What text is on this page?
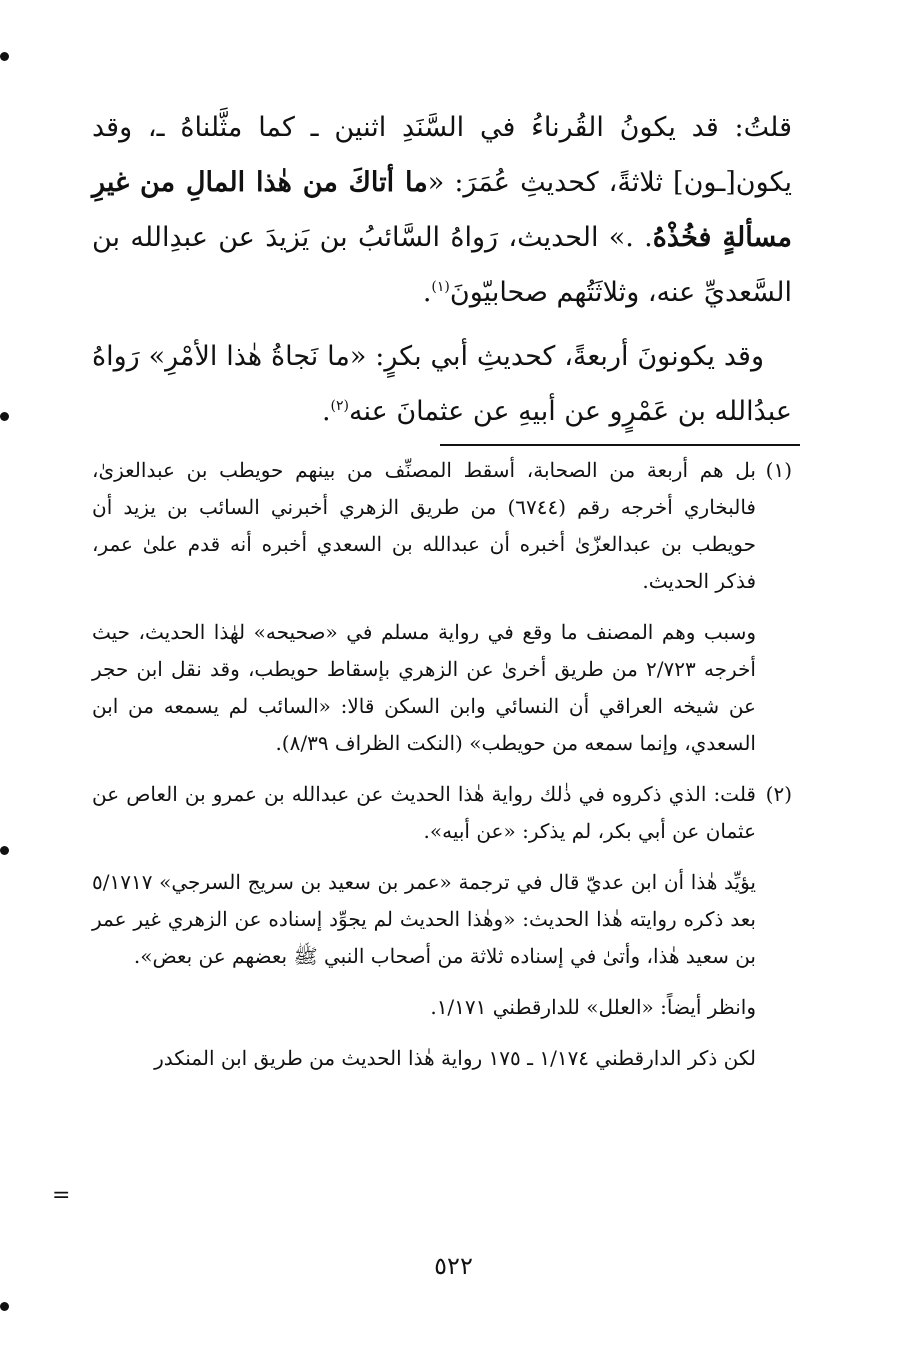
قلتُ: قد يكونُ القُرناءُ في السَّنَدِ اثنين ـ كما مثَّلناهُ ـ، وقد يكون[ـون] ثلاثةً، كحديثِ عُمَرَ: «ما أتاكَ من هٰذا المالِ من غيرِ مسألةٍ فخُذْهُ. .» الحديث، رَواهُ السَّائبُ بن يَزيدَ عن عبدِالله بن السَّعديِّ عنه، وثلاثَتُهم صحابيّونَ$^{(١)}$.

وقد يكونونَ أربعةً، كحديثِ أبي بكرٍ: «ما نَجاةُ هٰذا الأمْرِ» رَواهُ عبدُالله بن عَمْرٍو عن أبيهِ عن عثمانَ عنه$^{(٢)}$.

(١)

بل هم أربعة من الصحابة، أسقط المصنِّف من بينهم حويطب بن عبدالعزىٰ، فالبخاري أخرجه رقم (٦٧٤٤) من طريق الزهري أخبرني السائب بن يزيد أن حويطب بن عبدالعزّىٰ أخبره أن عبدالله بن السعدي أخبره أنه قدم علىٰ عمر، فذكر الحديث.

وسبب وهم المصنف ما وقع في رواية مسلم في «صحيحه» لهٰذا الحديث، حيث أخرجه ٢/٧٢٣ من طريق أخرىٰ عن الزهري بإسقاط حويطب، وقد نقل ابن حجر عن شيخه العراقي أن النسائي وابن السكن قالا: «السائب لم يسمعه من ابن السعدي، وإنما سمعه من حويطب» (النكت الظراف ٨/٣٩).

(٢)

قلت: الذي ذكروه في ذٰلك رواية هٰذا الحديث عن عبدالله بن عمرو بن العاص عن عثمان عن أبي بكر، لم يذكر: «عن أبيه».

يؤيِّد هٰذا أن ابن عديّ قال في ترجمة «عمر بن سعيد بن سريج السرجي» ٥/١٧١٧ بعد ذكره روايته هٰذا الحديث: «وهٰذا الحديث لم يجوِّد إسناده عن الزهري غير عمر بن سعيد هٰذا، وأتىٰ في إسناده ثلاثة من أصحاب النبي ﷺ بعضهم عن بعض».

وانظر أيضاً: «العلل» للدارقطني ١/١٧١.

لكن ذكر الدارقطني ١/١٧٤ ـ ١٧٥ رواية هٰذا الحديث من طريق ابن المنكدر

=
٥٢٢
